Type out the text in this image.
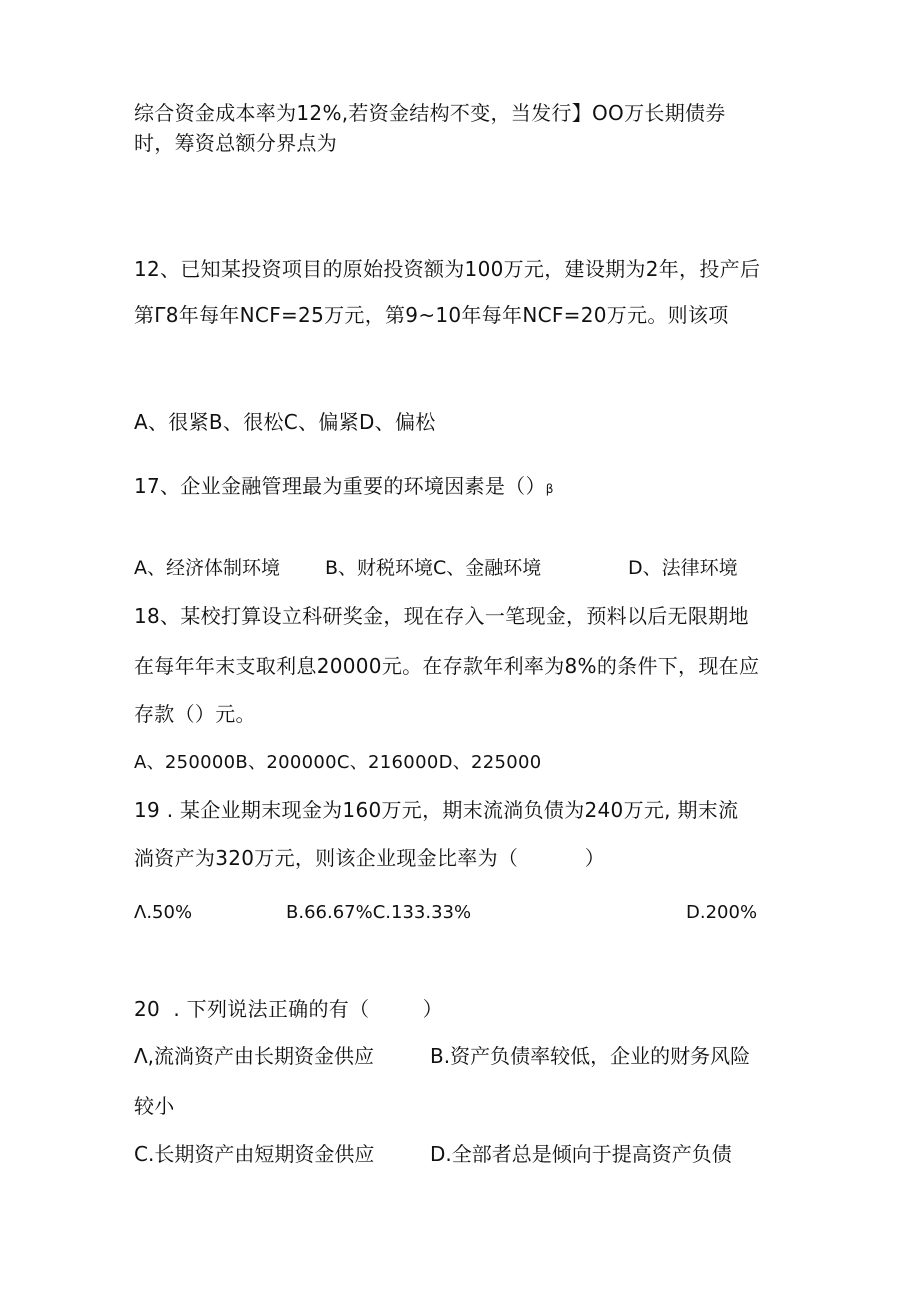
综合资金成本率为12%,若资金结构不变，当发行】OO万长期债券
时，筹资总额分界点为
12、已知某投资项目的原始投资额为100万元，建设期为2年，投产后
第Γ8年每年NCF=25万元，第9~10年每年NCF=20万元。则该项
A、很紧B、很松C、偏紧D、偏松
17、企业金融管理最为重要的环境因素是（）β
A、经济体制环境 B、财税环境C、金融环境	D、法律环境
18、某校打算设立科研奖金，现在存入一笔现金，预料以后无限期地
在每年年末支取利息20000元。在存款年利率为8%的条件下，现在应
存款（）元。
A、250000B、200000C、216000D、225000
19 . 某企业期末现金为160万元，期末流淌负债为240万元, 期末流
淌资产为320万元，则该企业现金比率为（          ）
Λ.50%	B.66.67%C.133.33%	D.200%
20  . 下列说法正确的有（        ）
Λ,流淌资产由长期资金供应	B.资产负债率较低，企业的财务风险
较小
C.长期资产由短期资金供应	D.全部者总是倾向于提高资产负债
